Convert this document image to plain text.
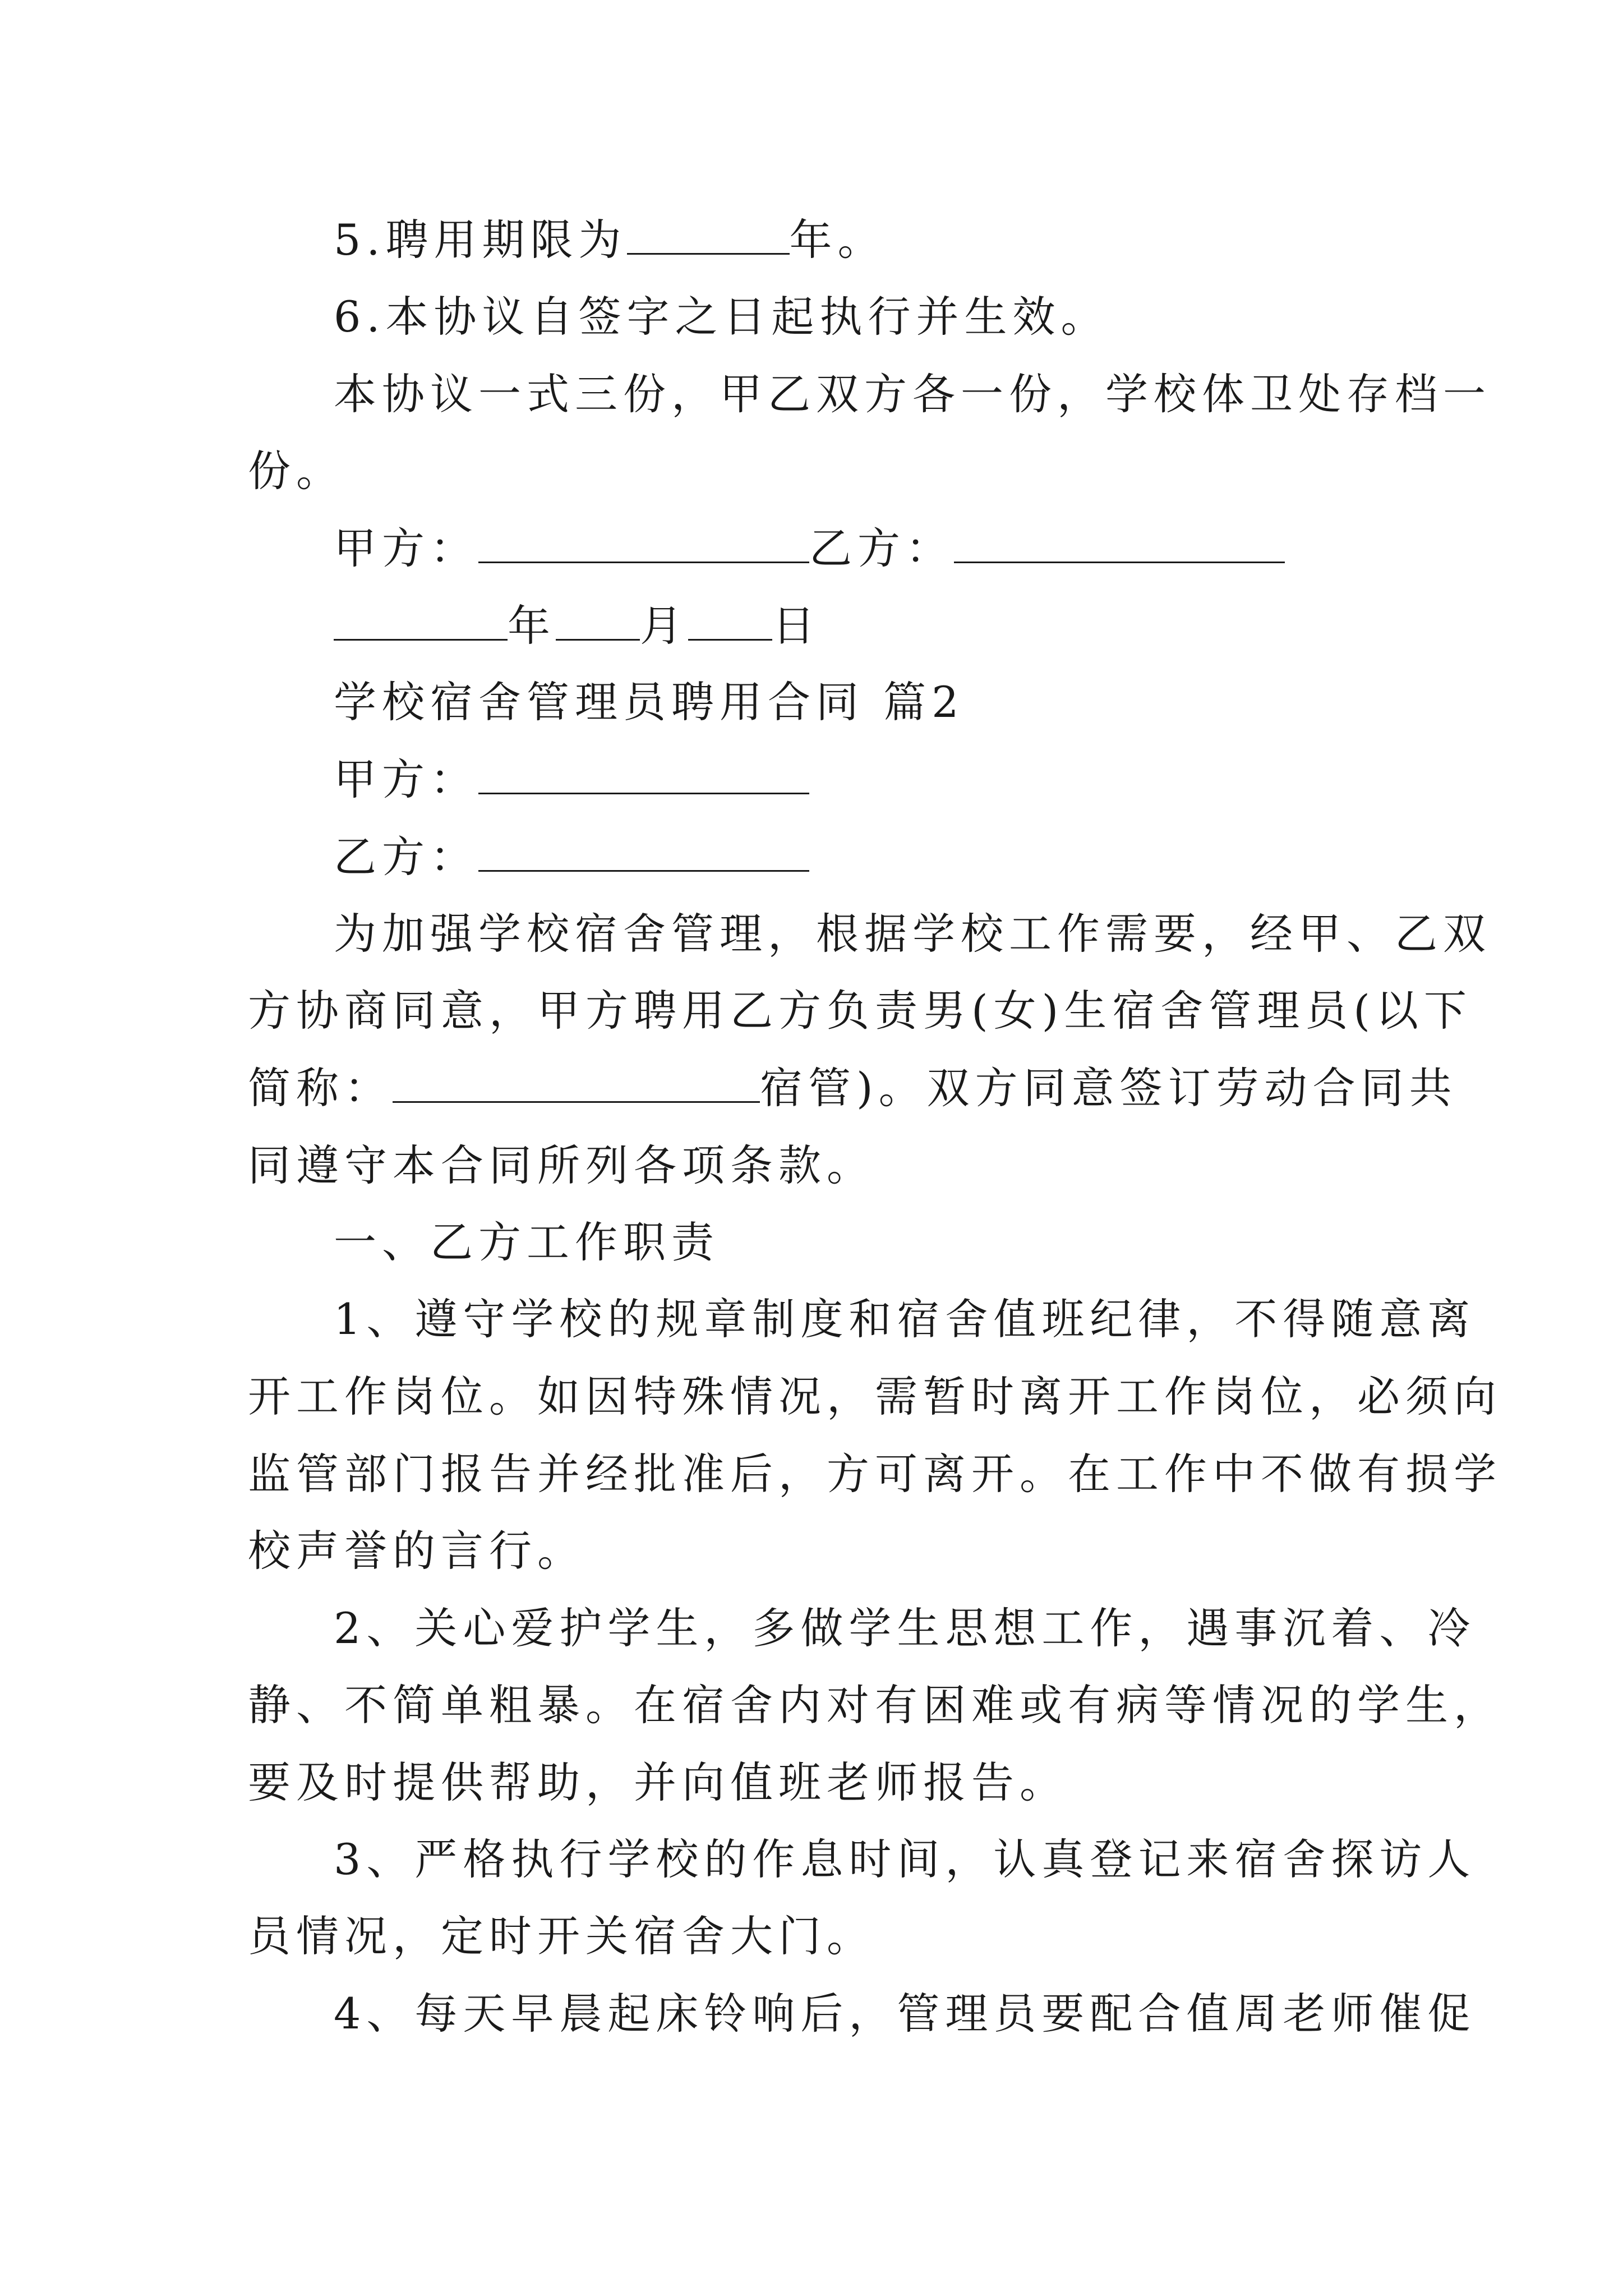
5.聘用期限为	年。
6.本协议自签字之日起执行并生效。
本协议一式三份，甲乙双方各一份，学校体卫处存档一
份。
甲方：	乙方：
年 月 日
学校宿舍管理员聘用合同 篇2
甲方：
乙方：
为加强学校宿舍管理，根据学校工作需要，经甲、乙双
方协商同意，甲方聘用乙方负责男(女)生宿舍管理员(以下
简称：	宿管)。双方同意签订劳动合同共
同遵守本合同所列各项条款。
一、乙方工作职责
1、遵守学校的规章制度和宿舍值班纪律，不得随意离
开工作岗位。如因特殊情况，需暂时离开工作岗位，必须向
监管部门报告并经批准后，方可离开。在工作中不做有损学
校声誉的言行。
2、关心爱护学生，多做学生思想工作，遇事沉着、冷
静、不简单粗暴。在宿舍内对有困难或有病等情况的学生，
要及时提供帮助，并向值班老师报告。
3、严格执行学校的作息时间，认真登记来宿舍探访人
员情况，定时开关宿舍大门。
4、每天早晨起床铃响后，管理员要配合值周老师催促
